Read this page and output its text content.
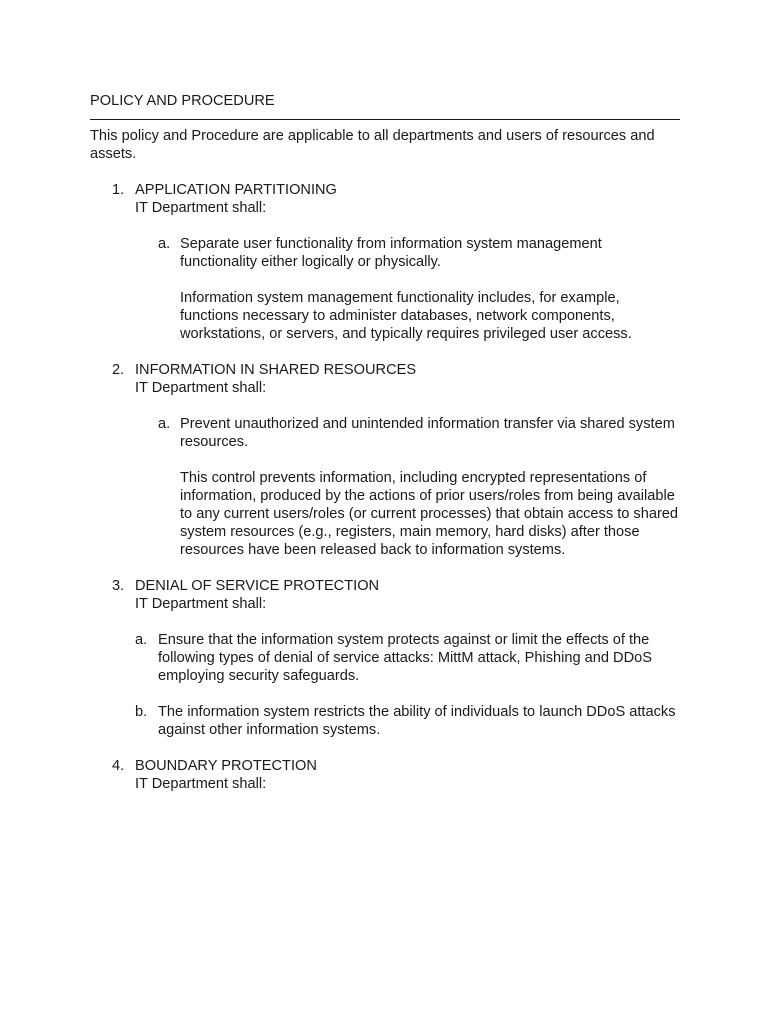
POLICY AND PROCEDURE

This policy and Procedure are applicable to all departments and users of resources and assets.

1. APPLICATION PARTITIONING
IT Department shall:
a. Separate user functionality from information system management functionality either logically or physically.

Information system management functionality includes, for example, functions necessary to administer databases, network components, workstations, or servers, and typically requires privileged user access.

2. INFORMATION IN SHARED RESOURCES
IT Department shall:
a. Prevent unauthorized and unintended information transfer via shared system resources.

This control prevents information, including encrypted representations of information, produced by the actions of prior users/roles from being available to any current users/roles (or current processes) that obtain access to shared system resources (e.g., registers, main memory, hard disks) after those resources have been released back to information systems.

3. DENIAL OF SERVICE PROTECTION
IT Department shall:
a. Ensure that the information system protects against or limit the effects of the following types of denial of service attacks: MittM attack, Phishing and DDoS employing security safeguards.

b. The information system restricts the ability of individuals to launch DDoS attacks against other information systems.

4. BOUNDARY PROTECTION
IT Department shall:
